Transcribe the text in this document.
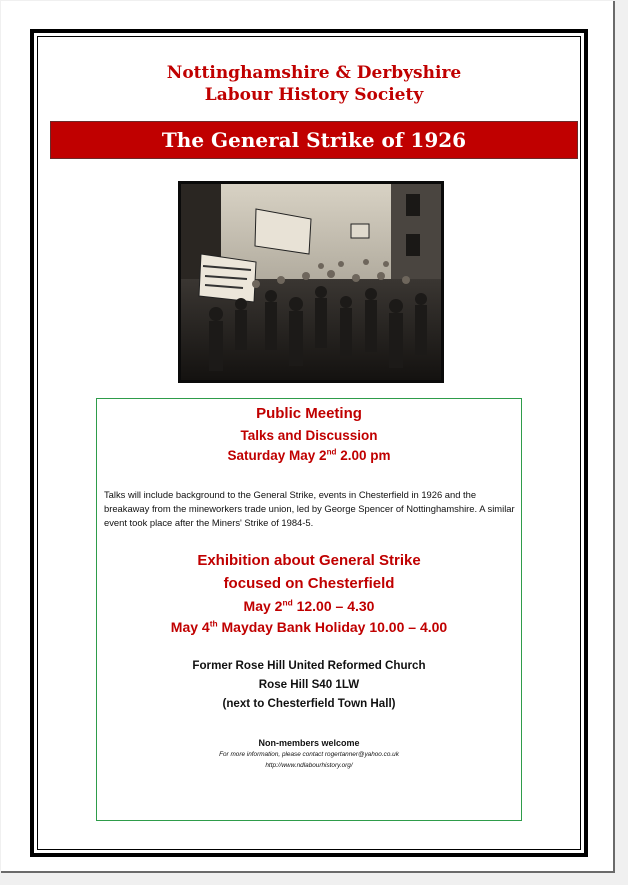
Nottinghamshire & Derbyshire
Labour History Society
The General Strike of 1926
Public Meeting
Talks and Discussion
Saturday May 2nd 2.00 pm
Talks will include background to the General Strike, events in Chesterfield in 1926 and the breakaway from the mineworkers trade union, led by George Spencer of Nottinghamshire. A similar event took place after the Miners' Strike of 1984-5.
Exhibition about General Strike
focused on Chesterfield
May 2nd 12.00 – 4.30
May 4th Mayday Bank Holiday 10.00 – 4.00
Former Rose Hill United Reformed Church
Rose Hill S40 1LW
(next to Chesterfield Town Hall)
Non-members welcome
For more information, please contact rogertanner@yahoo.co.uk
http://www.ndlabourhistory.org/
